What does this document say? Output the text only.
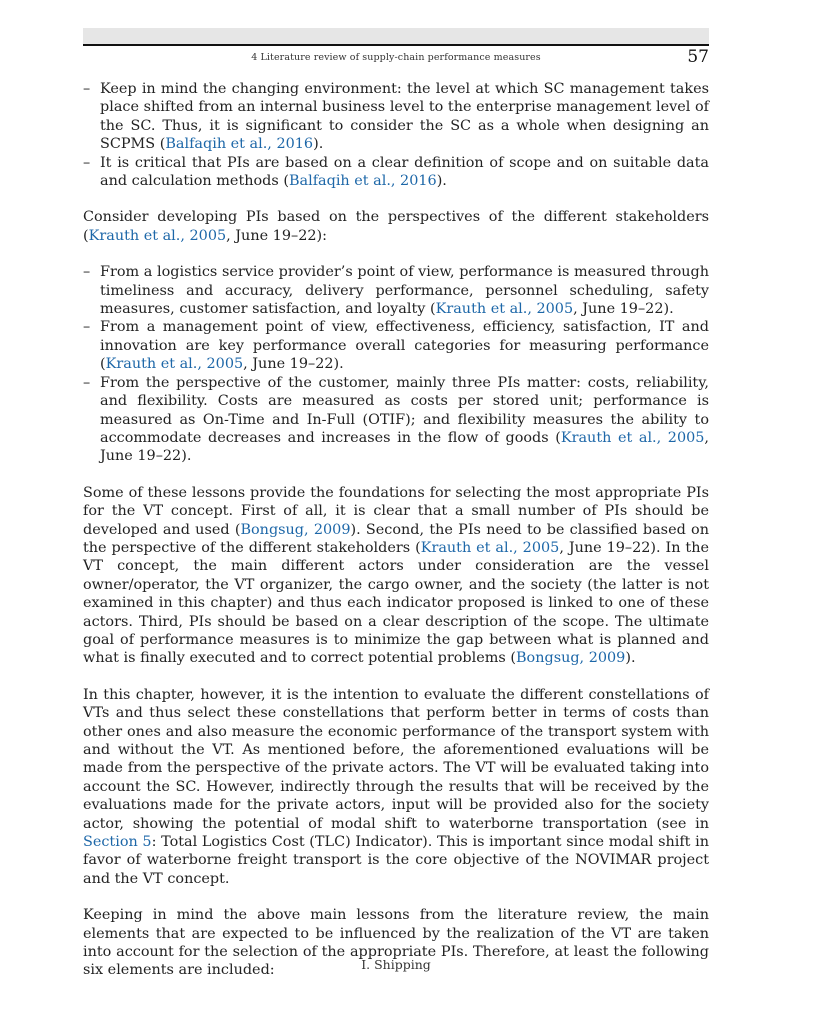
4 Literature review of supply-chain performance measures	57
– Keep in mind the changing environment: the level at which SC management takes place shifted from an internal business level to the enterprise management level of the SC. Thus, it is significant to consider the SC as a whole when designing an SCPMS (Balfaqih et al., 2016).
– It is critical that PIs are based on a clear definition of scope and on suitable data and calculation methods (Balfaqih et al., 2016).

Consider developing PIs based on the perspectives of the different stakeholders (Krauth et al., 2005, June 19–22):

– From a logistics service provider’s point of view, performance is measured through timeliness and accuracy, delivery performance, personnel scheduling, safety measures, customer satisfaction, and loyalty (Krauth et al., 2005, June 19–22).
– From a management point of view, effectiveness, efficiency, satisfaction, IT and innovation are key performance overall categories for measuring performance (Krauth et al., 2005, June 19–22).
– From the perspective of the customer, mainly three PIs matter: costs, reliability, and flexibility. Costs are measured as costs per stored unit; performance is measured as On-Time and In-Full (OTIF); and flexibility measures the ability to accommodate decreases and increases in the flow of goods (Krauth et al., 2005, June 19–22).

Some of these lessons provide the foundations for selecting the most appropriate PIs for the VT concept. First of all, it is clear that a small number of PIs should be developed and used (Bongsug, 2009). Second, the PIs need to be classified based on the perspective of the different stakeholders (Krauth et al., 2005, June 19–22). In the VT concept, the main different actors under consideration are the vessel owner/operator, the VT organizer, the cargo owner, and the society (the latter is not examined in this chapter) and thus each indicator proposed is linked to one of these actors. Third, PIs should be based on a clear description of the scope. The ultimate goal of performance measures is to minimize the gap between what is planned and what is finally executed and to correct potential problems (Bongsug, 2009).

In this chapter, however, it is the intention to evaluate the different constellations of VTs and thus select these constellations that perform better in terms of costs than other ones and also measure the economic performance of the transport system with and without the VT. As mentioned before, the aforementioned evaluations will be made from the perspective of the private actors. The VT will be evaluated taking into account the SC. However, indirectly through the results that will be received by the evaluations made for the private actors, input will be provided also for the society actor, showing the potential of modal shift to waterborne transportation (see in Section 5: Total Logistics Cost (TLC) Indicator). This is important since modal shift in favor of waterborne freight transport is the core objective of the NOVIMAR project and the VT concept.

Keeping in mind the above main lessons from the literature review, the main elements that are expected to be influenced by the realization of the VT are taken into account for the selection of the appropriate PIs. Therefore, at least the following six elements are included:	I. Shipping
